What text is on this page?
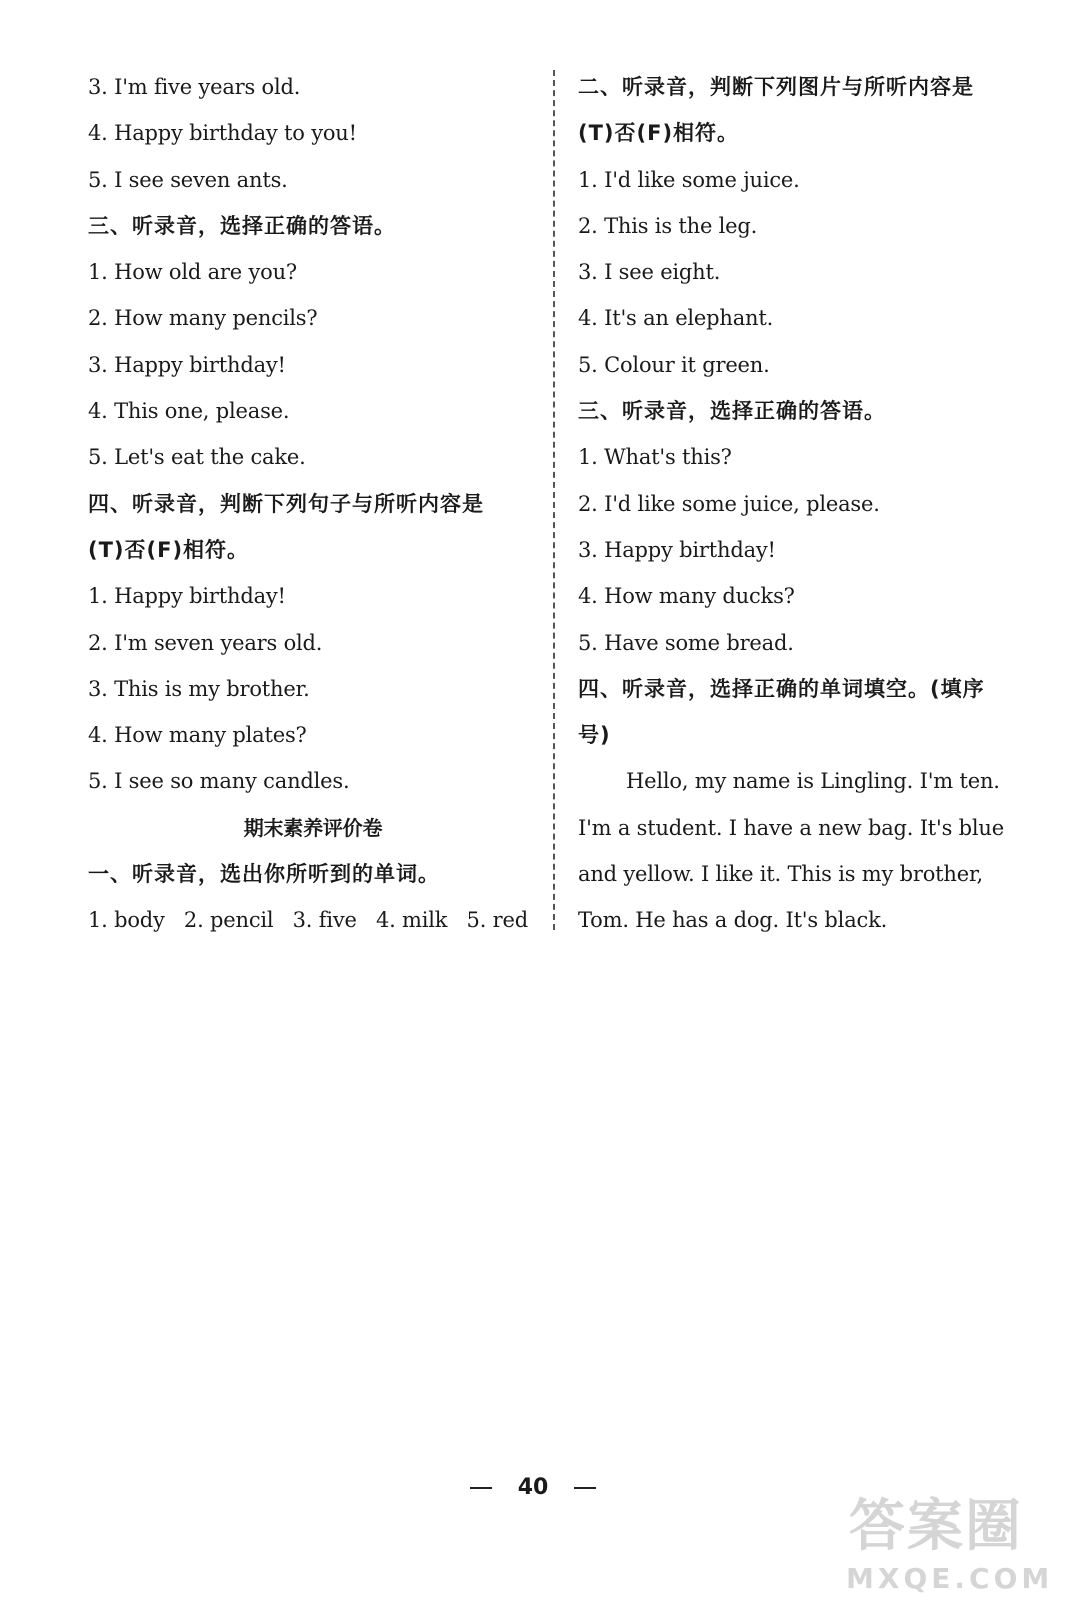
3. I'm five years old.
4. Happy birthday to you!
5. I see seven ants.
三、听录音，选择正确的答语。
1. How old are you?
2. How many pencils?
3. Happy birthday!
4. This one, please.
5. Let's eat the cake.
四、听录音，判断下列句子与所听内容是
(T)否(F)相符。
1. Happy birthday!
2. I'm seven years old.
3. This is my brother.
4. How many plates?
5. I see so many candles.
期末素养评价卷
一、听录音，选出你所听到的单词。
1. body 2. pencil 3. five 4. milk 5. red
二、听录音，判断下列图片与所听内容是
(T)否(F)相符。
1. I'd like some juice.
2. This is the leg.
3. I see eight.
4. It's an elephant.
5. Colour it green.
三、听录音，选择正确的答语。
1. What's this?
2. I'd like some juice, please.
3. Happy birthday!
4. How many ducks?
5. Have some bread.
四、听录音，选择正确的单词填空。(填序
号)
Hello, my name is Lingling. I'm ten.
I'm a student. I have a new bag. It's blue
and yellow. I like it. This is my brother,
Tom. He has a dog. It's black.
40
答案圈
MXQE.COM
